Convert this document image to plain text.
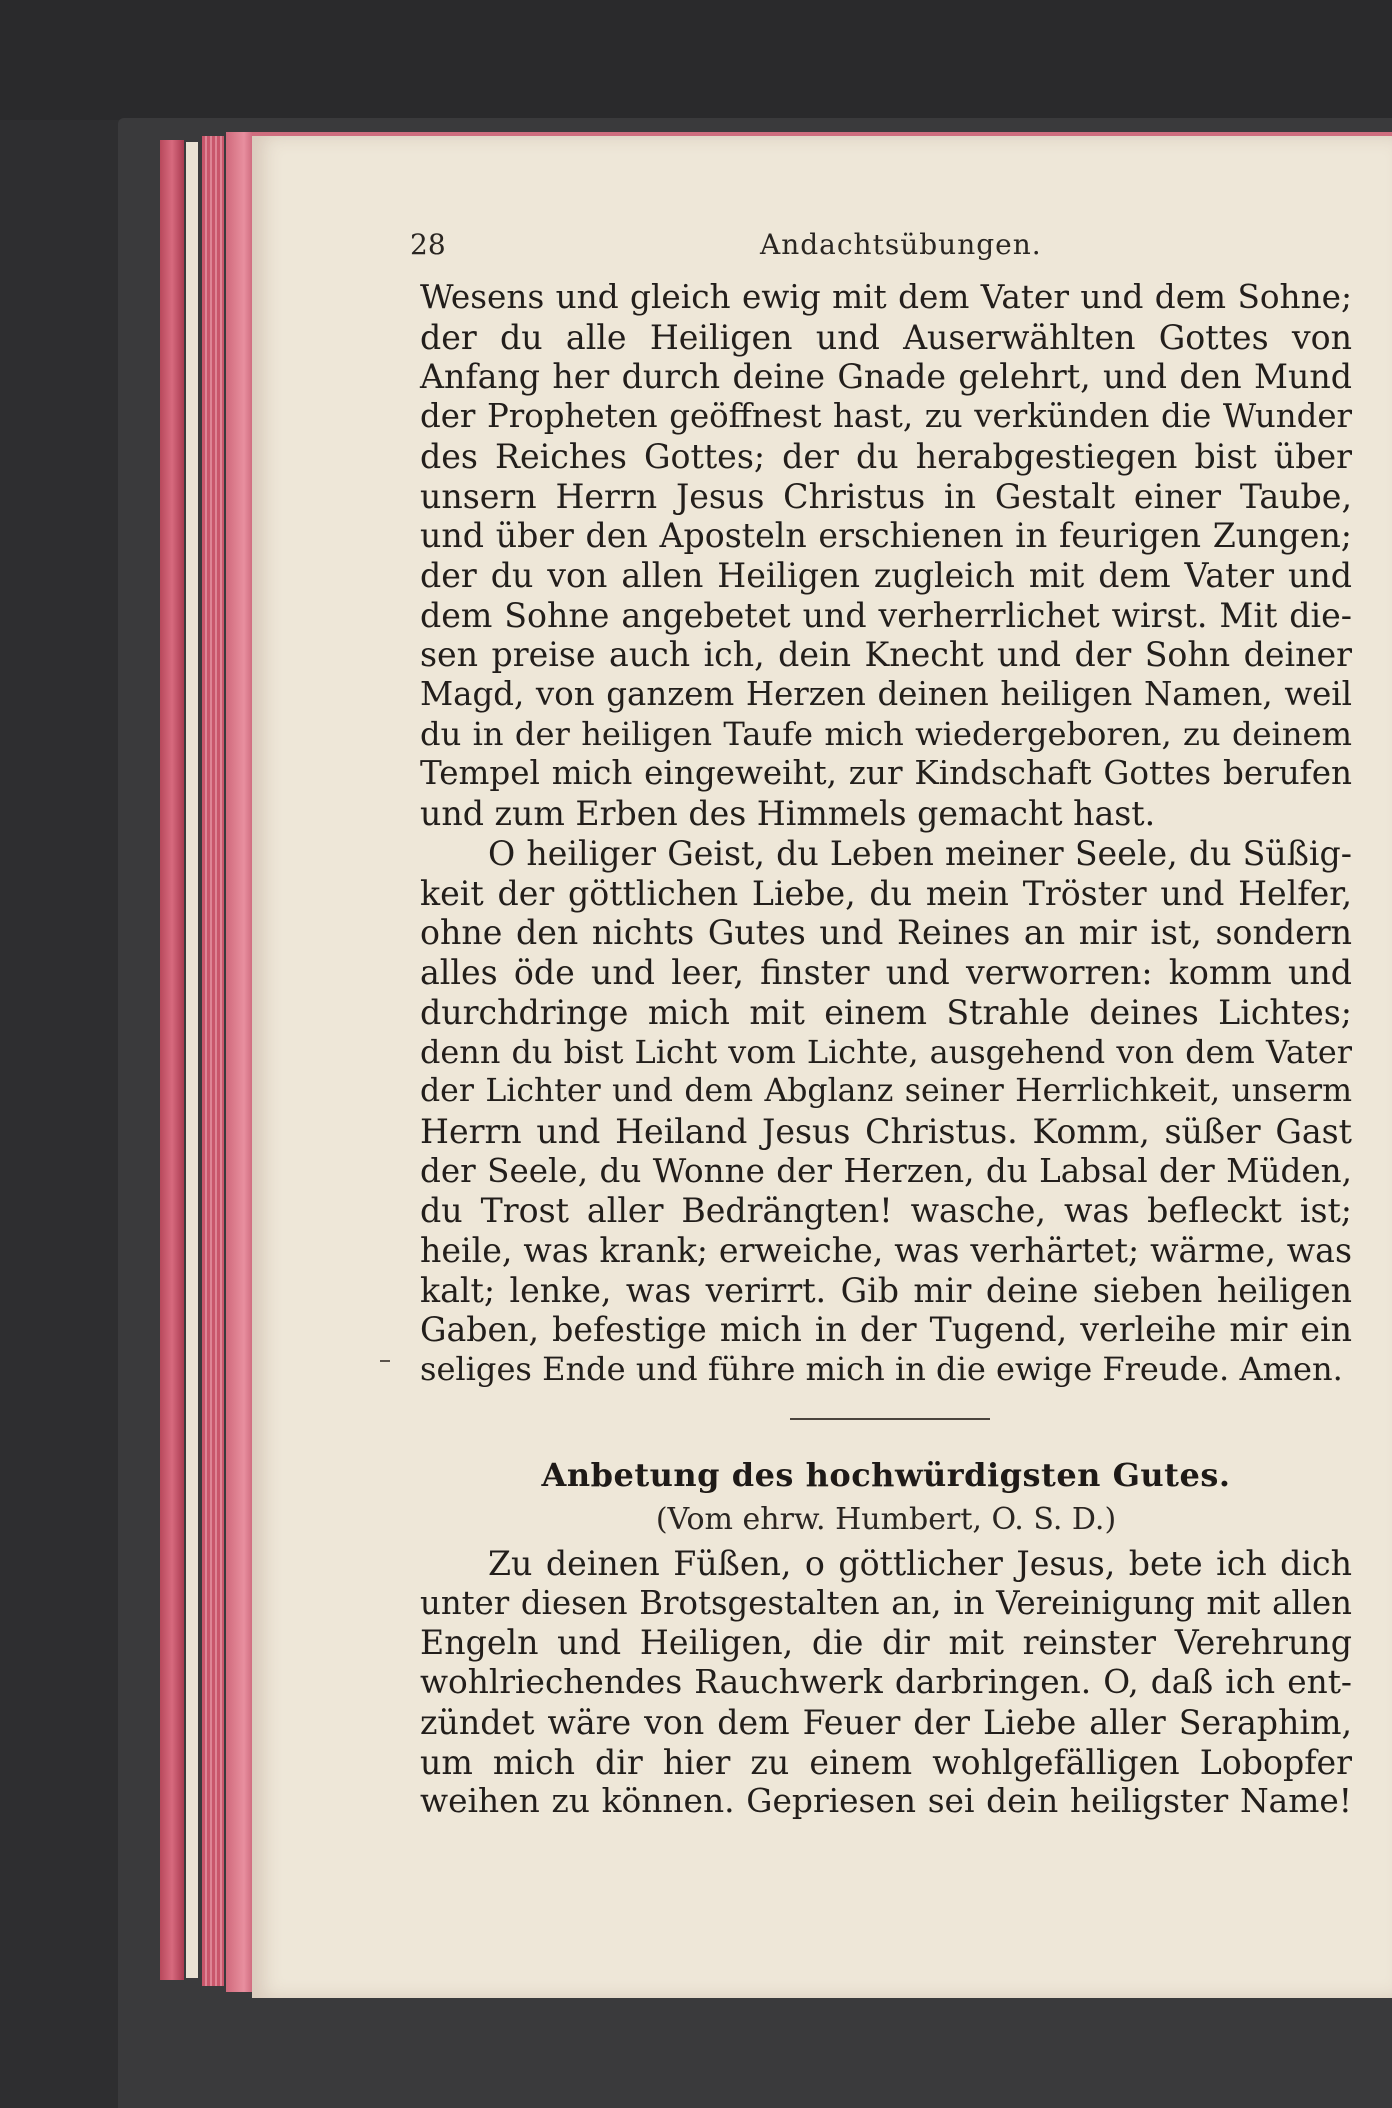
28	Andachtsübungen.
Wesens und gleich ewig mit dem Vater und dem Sohne;
der du alle Heiligen und Auserwählten Gottes von
Anfang her durch deine Gnade gelehrt, und den Mund
der Propheten geöffnest hast, zu verkünden die Wunder
des Reiches Gottes; der du herabgestiegen bist über
unsern Herrn Jesus Christus in Gestalt einer Taube,
und über den Aposteln erschienen in feurigen Zungen;
der du von allen Heiligen zugleich mit dem Vater und
dem Sohne angebetet und verherrlichet wirst. Mit die-
sen preise auch ich, dein Knecht und der Sohn deiner
Magd, von ganzem Herzen deinen heiligen Namen, weil
du in der heiligen Taufe mich wiedergeboren, zu deinem
Tempel mich eingeweiht, zur Kindschaft Gottes berufen
und zum Erben des Himmels gemacht hast.
O heiliger Geist, du Leben meiner Seele, du Süßig-
keit der göttlichen Liebe, du mein Tröster und Helfer,
ohne den nichts Gutes und Reines an mir ist, sondern
alles öde und leer, finster und verworren: komm und
durchdringe mich mit einem Strahle deines Lichtes;
denn du bist Licht vom Lichte, ausgehend von dem Vater
der Lichter und dem Abglanz seiner Herrlichkeit, unserm
Herrn und Heiland Jesus Christus. Komm, süßer Gast
der Seele, du Wonne der Herzen, du Labsal der Müden,
du Trost aller Bedrängten! wasche, was befleckt ist;
heile, was krank; erweiche, was verhärtet; wärme, was
kalt; lenke, was verirrt. Gib mir deine sieben heiligen
Gaben, befestige mich in der Tugend, verleihe mir ein
seliges Ende und führe mich in die ewige Freude. Amen.
Anbetung des hochwürdigsten Gutes.
(Vom ehrw. Humbert, O. S. D.)
Zu deinen Füßen, o göttlicher Jesus, bete ich dich
unter diesen Brotsgestalten an, in Vereinigung mit allen
Engeln und Heiligen, die dir mit reinster Verehrung
wohlriechendes Rauchwerk darbringen. O, daß ich ent-
zündet wäre von dem Feuer der Liebe aller Seraphim,
um mich dir hier zu einem wohlgefälligen Lobopfer
weihen zu können. Gepriesen sei dein heiligster Name!
